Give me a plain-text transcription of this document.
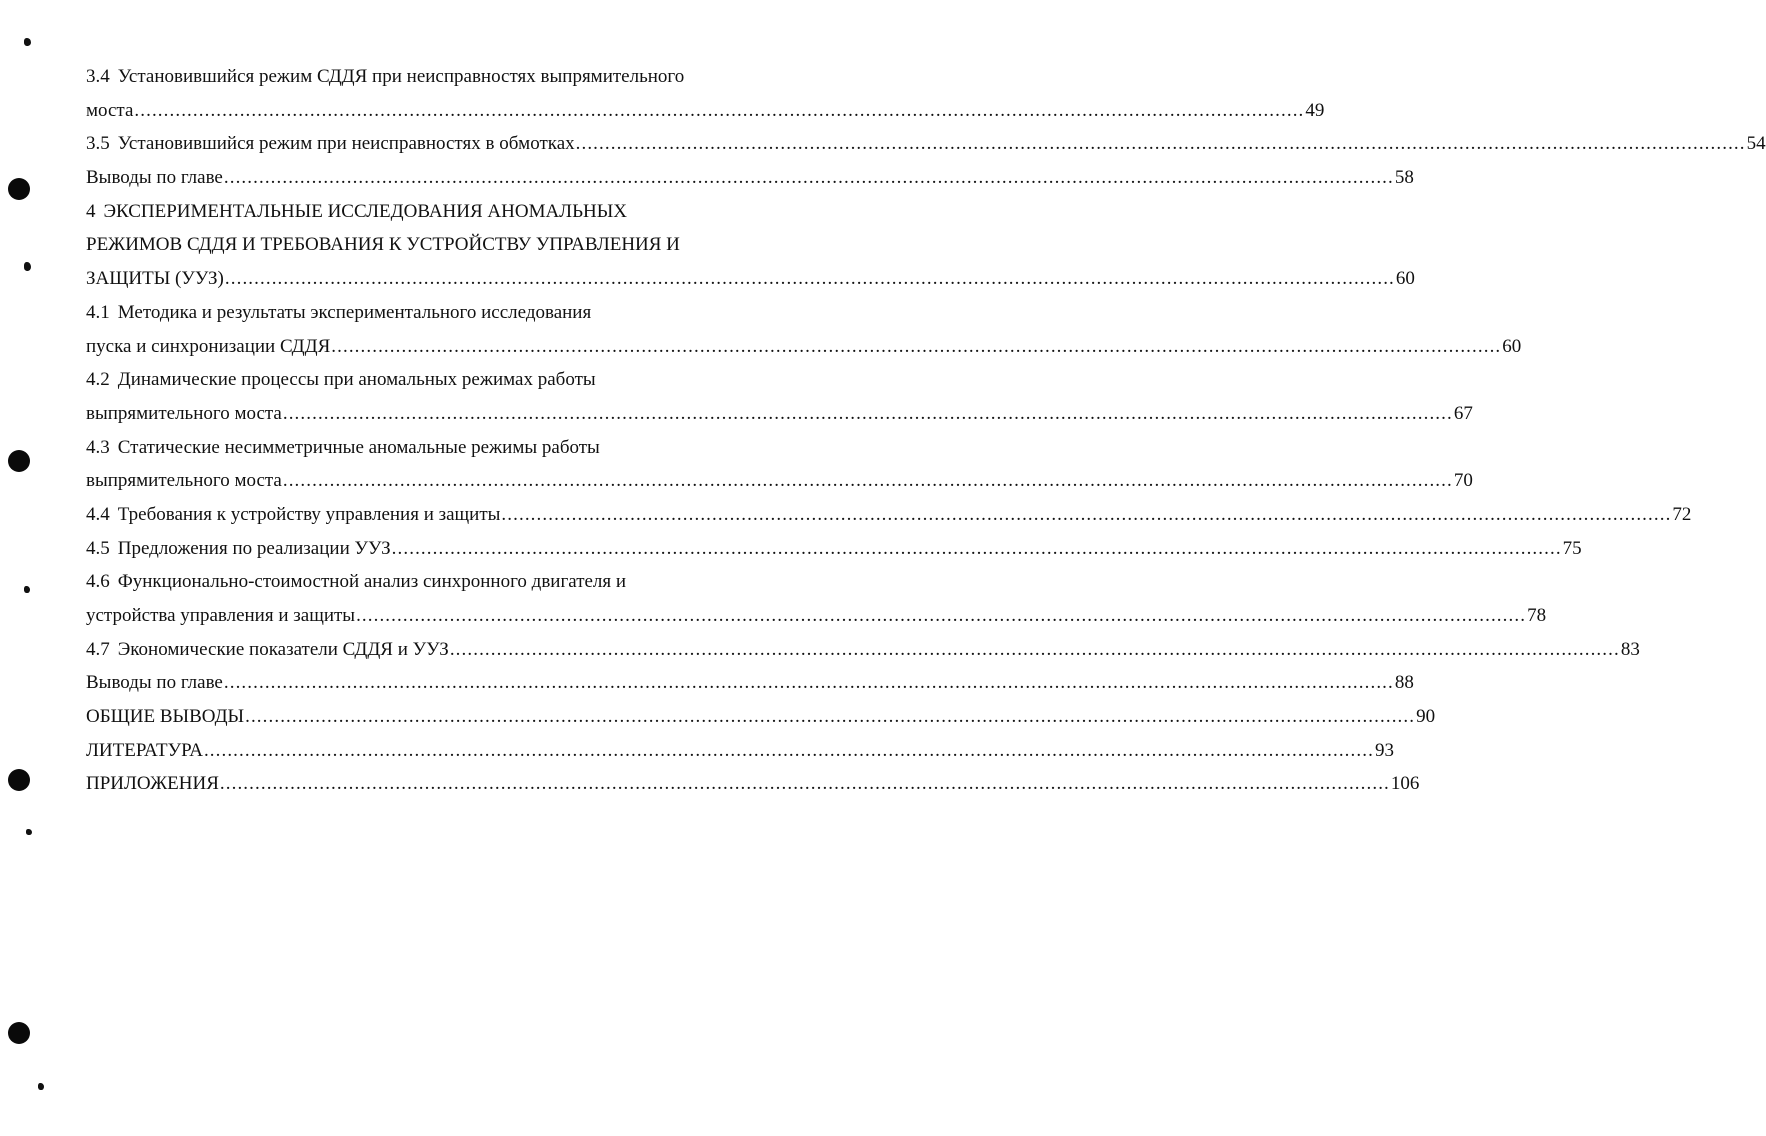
3.4 Установившийся режим СДДЯ при неисправностях выпрямительного
моста ........................................................................................................................................................................................................ 49
3.5 Установившийся режим при неисправностях в обмотках ........................................................................................................................................................................................................ 54
Выводы по главе ........................................................................................................................................................................................................ 58
4 ЭКСПЕРИМЕНТАЛЬНЫЕ ИССЛЕДОВАНИЯ АНОМАЛЬНЫХ
РЕЖИМОВ СДДЯ И ТРЕБОВАНИЯ К УСТРОЙСТВУ УПРАВЛЕНИЯ И
ЗАЩИТЫ (УУЗ) ........................................................................................................................................................................................................ 60
4.1 Методика и результаты экспериментального исследования
пуска и синхронизации СДДЯ ........................................................................................................................................................................................................ 60
4.2 Динамические процессы при аномальных режимах работы
выпрямительного моста ........................................................................................................................................................................................................ 67
4.3 Статические несимметричные аномальные режимы работы
выпрямительного моста ........................................................................................................................................................................................................ 70
4.4 Требования к устройству управления и защиты ........................................................................................................................................................................................................ 72
4.5 Предложения по реализации УУЗ ........................................................................................................................................................................................................ 75
4.6 Функционально-стоимостной анализ синхронного двигателя и
устройства управления и защиты ........................................................................................................................................................................................................ 78
4.7 Экономические показатели СДДЯ и УУЗ ........................................................................................................................................................................................................ 83
Выводы по главе ........................................................................................................................................................................................................ 88
ОБЩИЕ ВЫВОДЫ ........................................................................................................................................................................................................ 90
ЛИТЕРАТУРА ........................................................................................................................................................................................................ 93
ПРИЛОЖЕНИЯ ........................................................................................................................................................................................................ 106
